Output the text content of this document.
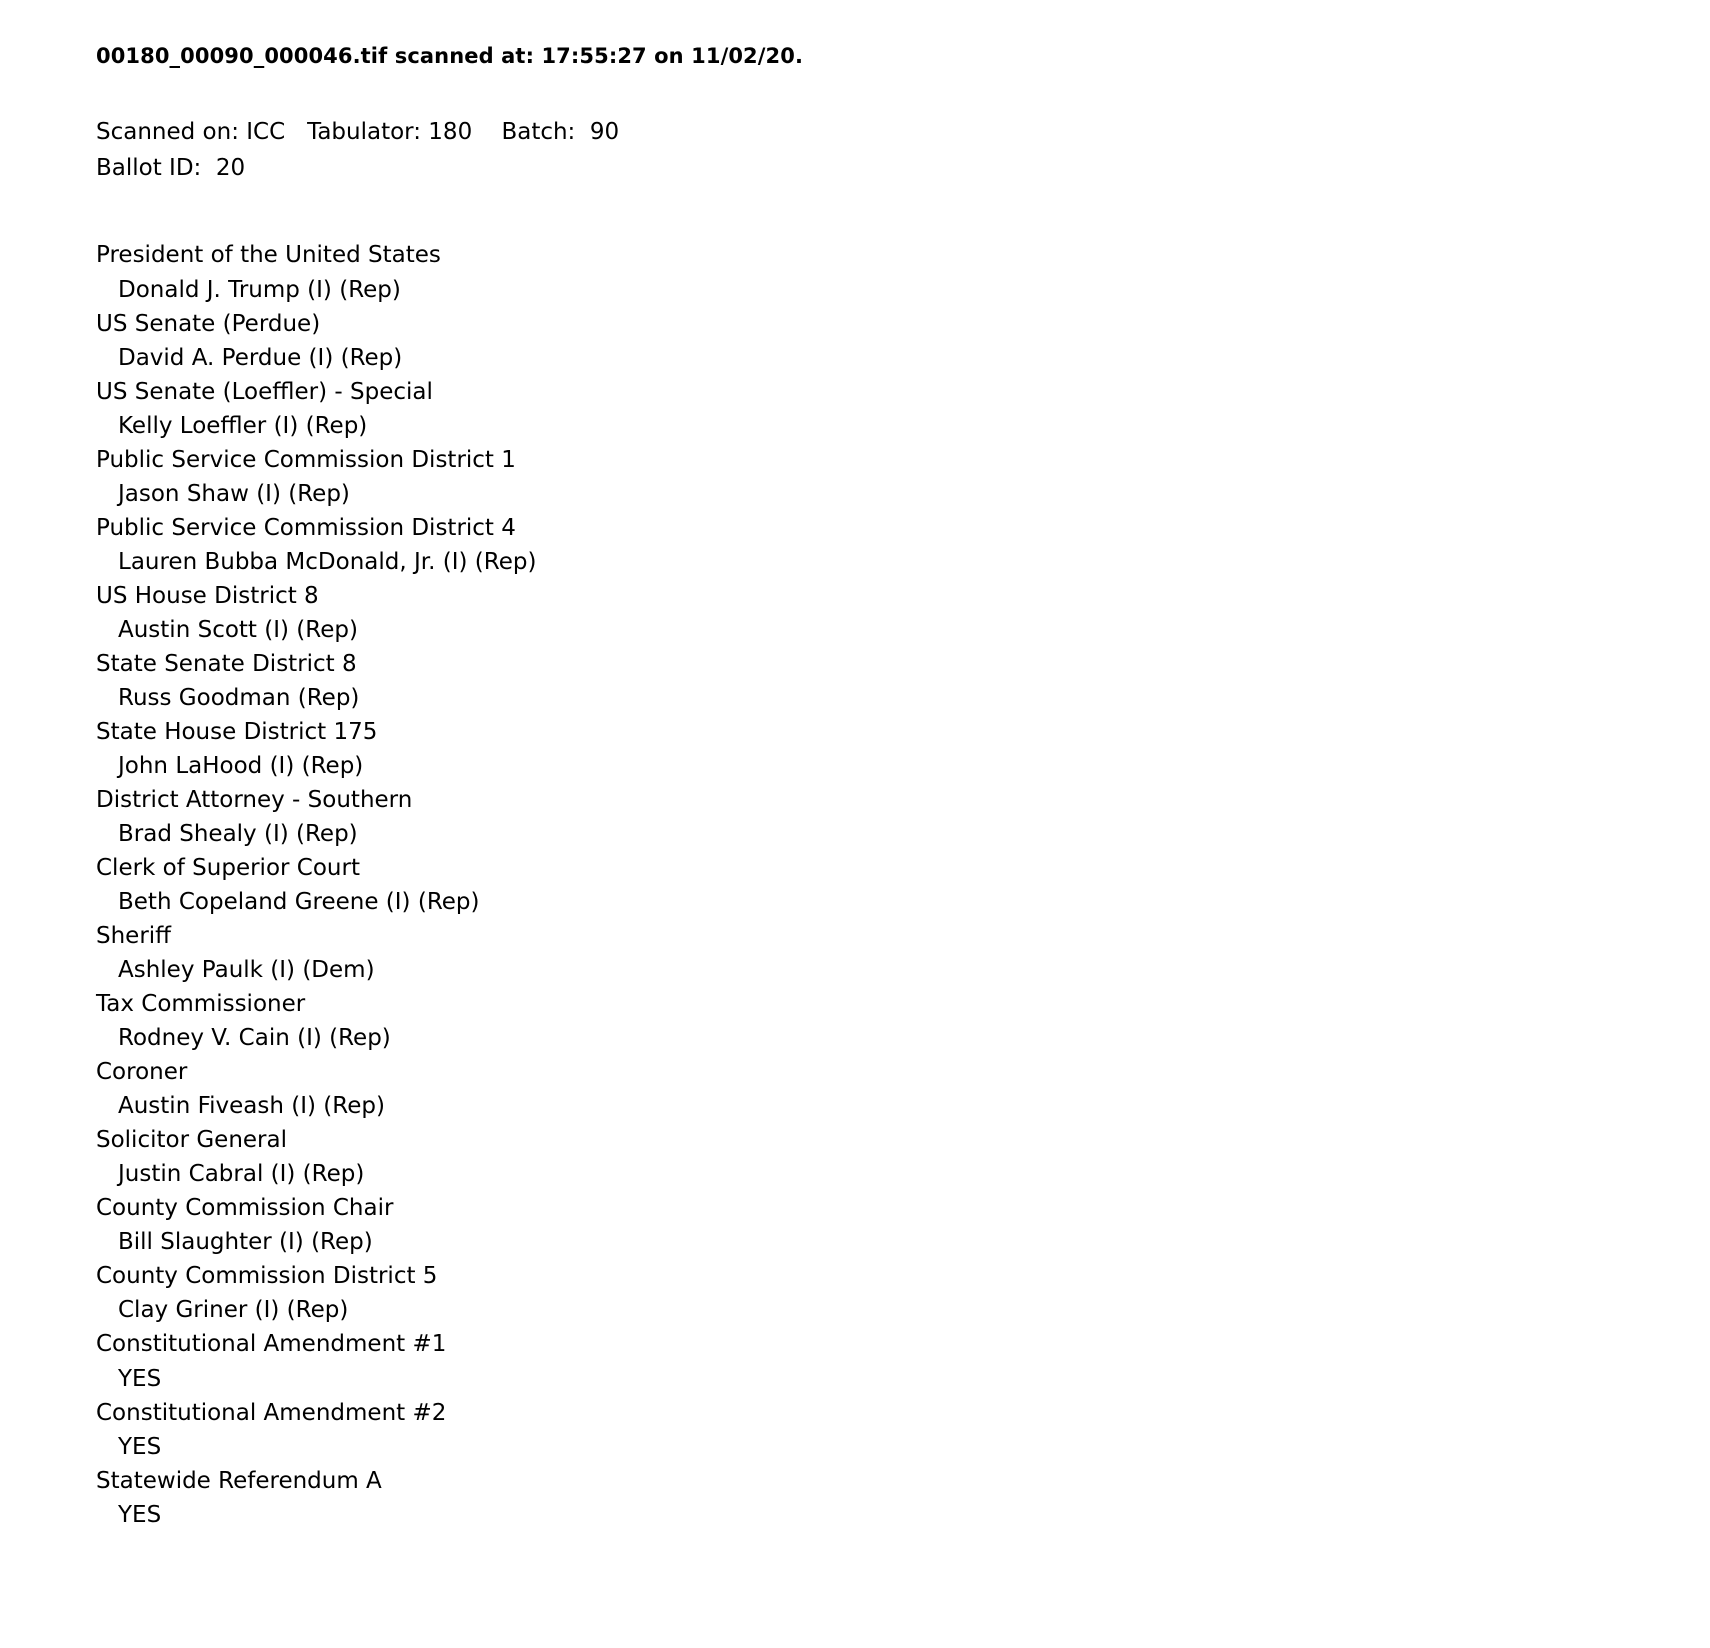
00180_00090_000046.tif scanned at: 17:55:27 on 11/02/20.
Scanned on: ICC   Tabulator: 180    Batch:  90
Ballot ID:  20
President of the United States
Donald J. Trump (I) (Rep)
US Senate (Perdue)
David A. Perdue (I) (Rep)
US Senate (Loeffler) - Special
Kelly Loeffler (I) (Rep)
Public Service Commission District 1
Jason Shaw (I) (Rep)
Public Service Commission District 4
Lauren Bubba McDonald, Jr. (I) (Rep)
US House District 8
Austin Scott (I) (Rep)
State Senate District 8
Russ Goodman (Rep)
State House District 175
John LaHood (I) (Rep)
District Attorney - Southern
Brad Shealy (I) (Rep)
Clerk of Superior Court
Beth Copeland Greene (I) (Rep)
Sheriff
Ashley Paulk (I) (Dem)
Tax Commissioner
Rodney V. Cain (I) (Rep)
Coroner
Austin Fiveash (I) (Rep)
Solicitor General
Justin Cabral (I) (Rep)
County Commission Chair
Bill Slaughter (I) (Rep)
County Commission District 5
Clay Griner (I) (Rep)
Constitutional Amendment #1
YES
Constitutional Amendment #2
YES
Statewide Referendum A
YES
